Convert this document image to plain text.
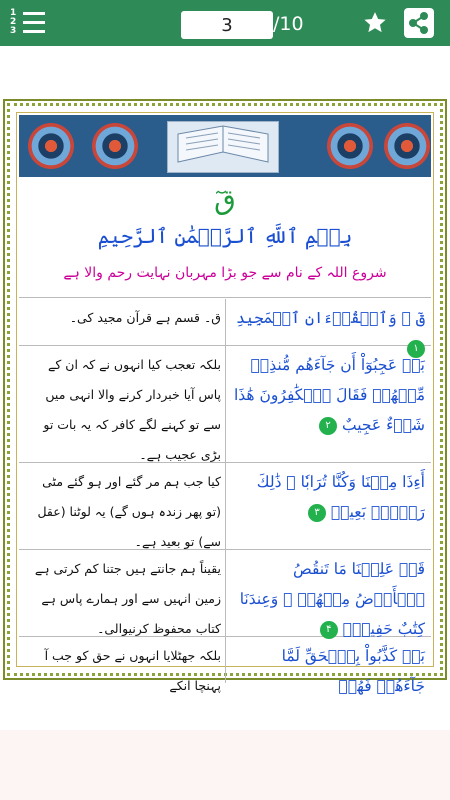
1
2
3
3	/10
قٓ
بِسۡمِ ٱللَّهِ ٱلرَّحۡمَٰنِ ٱلرَّحِيمِ
شروع اللہ کے نام سے جو بڑا مہربان نہایت رحم والا ہے
قٓ ۚ وَٱلۡقُرۡءَانِ ٱلۡمَجِيدِ ۱
ق۔ قسم ہے قرآن مجید کی۔
بَلۡ عَجِبُوٓاْ أَن جَآءَهُم مُّنذِرٞ مِّنۡهُمۡ فَقَالَ ٱلۡكَٰفِرُونَ هَٰذَا شَيۡءٌ عَجِيبٌ ۲
بلکہ تعجب کیا انہوں نے کہ ان کے پاس آیا خبردار کرنے والا انہی میں سے تو کہنے لگے کافر کہ یہ بات تو بڑی عجیب ہے۔
أَءِذَا مِتۡنَا وَكُنَّا تُرَابٗا ۖ ذَٰلِكَ رَجۡعُۢ بَعِيدٞ ۳
کیا جب ہم مر گئے اور ہو گئے مٹی (تو پھر زندہ ہوں گے) یہ لوٹنا (عقل سے) تو بعید ہے۔
قَدۡ عَلِمۡنَا مَا تَنقُصُ ٱلۡأَرۡضُ مِنۡهُمۡ ۖ وَعِندَنَا كِتَٰبٌ حَفِيظُۢ ۴
یقیناً ہم جانتے ہیں جتنا کم کرتی ہے زمین انہیں سے اور ہمارے پاس ہے کتاب محفوظ کرنیوالی۔
بَلۡ كَذَّبُواْ بِٱلۡحَقِّ لَمَّا جَآءَهُمۡ فَهُمۡ
بلکہ جھٹلایا انہوں نے حق کو جب آ پہنچا انکے
